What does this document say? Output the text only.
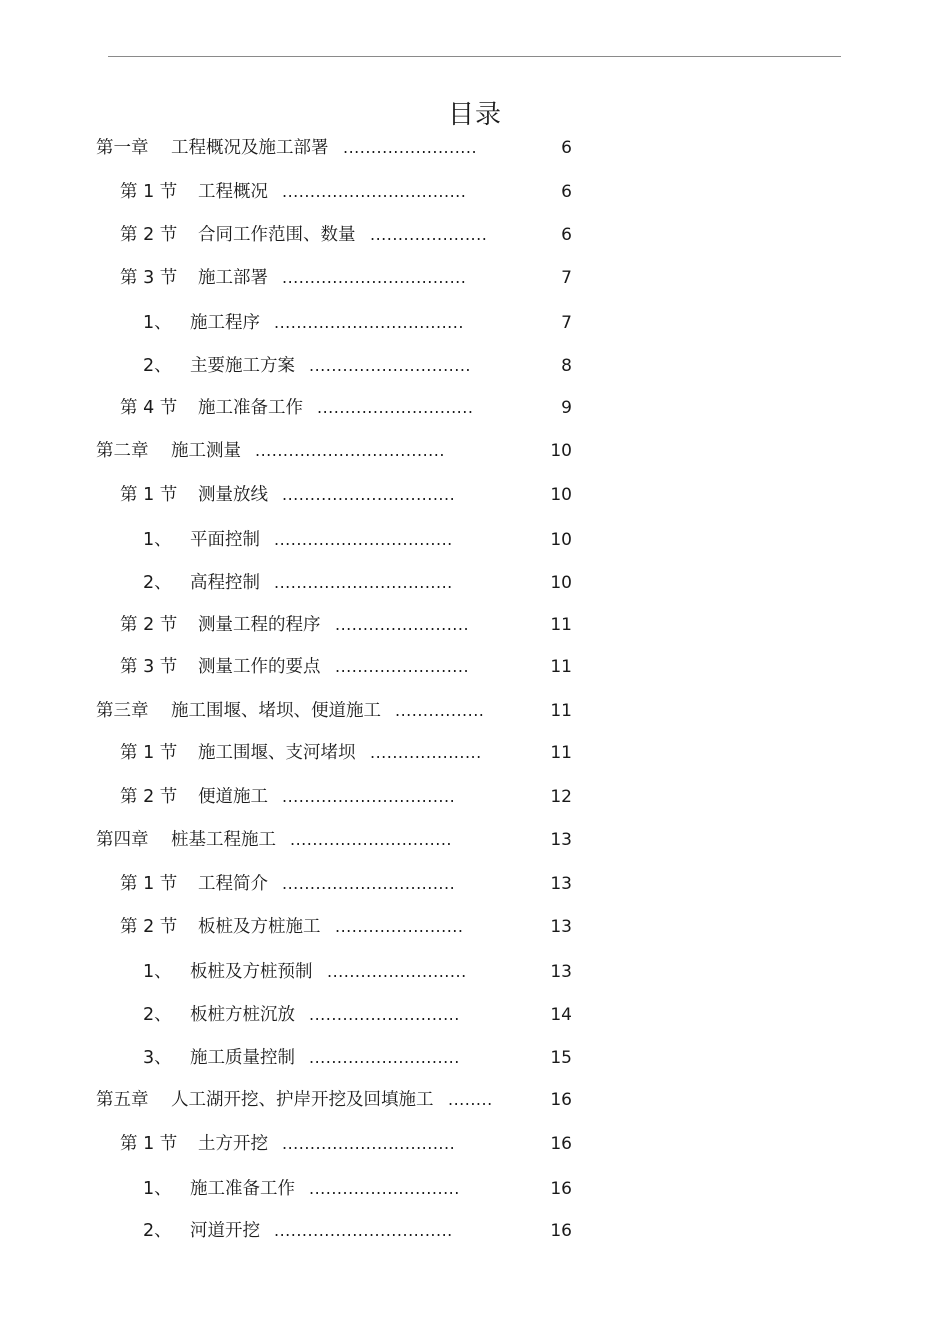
目录
第一章 工程概况及施工部署 ........................	6
第 1 节 工程概况 .................................	6
第 2 节 合同工作范围、数量 .....................	6
第 3 节 施工部署 .................................	7
1、 施工程序 ..................................	7
2、 主要施工方案 .............................	8
第 4 节 施工准备工作 ............................	9
第二章 施工测量 ..................................	10
第 1 节 测量放线 ...............................	10
1、 平面控制 ................................	10
2、 高程控制 ................................	10
第 2 节 测量工程的程序 ........................	11
第 3 节 测量工作的要点 ........................	11
第三章 施工围堰、堵坝、便道施工 ................	11
第 1 节 施工围堰、支河堵坝 ....................	11
第 2 节 便道施工 ...............................	12
第四章 桩基工程施工 .............................	13
第 1 节 工程简介 ...............................	13
第 2 节 板桩及方桩施工 .......................	13
1、 板桩及方桩预制 .........................	13
2、 板桩方桩沉放 ...........................	14
3、 施工质量控制 ...........................	15
第五章 人工湖开挖、护岸开挖及回填施工 ........	16
第 1 节 土方开挖 ...............................	16
1、 施工准备工作 ...........................	16
2、 河道开挖 ................................	16
